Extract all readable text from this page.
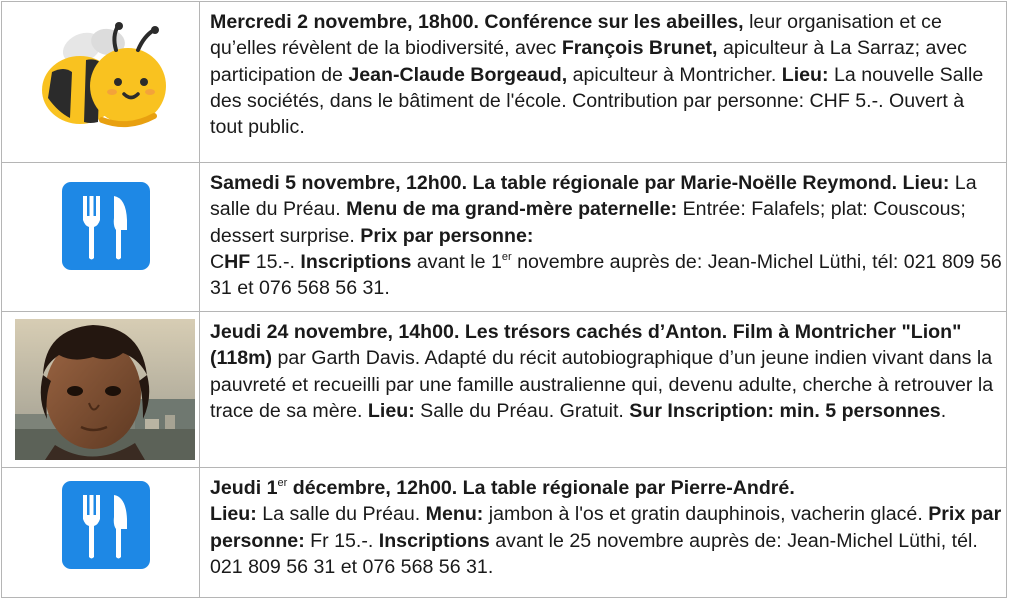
	Mercredi 2 novembre, 18h00. Conférence sur les abeilles, leur organisation et ce qu’elles révèlent de la biodiversité, avec François Brunet, apiculteur à La Sarraz; avec participation de Jean-Claude Borgeaud, apiculteur à Montricher. Lieu: La nouvelle Salle des sociétés, dans le bâtiment de l'école. Contribution par personne: CHF 5.-. Ouvert à tout public.

	Samedi 5 novembre, 12h00. La table régionale par Marie-Noëlle Reymond. Lieu: La salle du Préau. Menu de ma grand-mère paternelle: Entrée: Falafels; plat: Couscous; dessert surprise. Prix par personne:
CHF 15.-. Inscriptions avant le 1er novembre auprès de: Jean-Michel Lüthi, tél: 021 809 56 31 et 076 568 56 31.

	Jeudi 24 novembre, 14h00. Les trésors cachés d’Anton. Film à Montricher "Lion" (118m) par Garth Davis. Adapté du récit autobiographique d’un jeune indien vivant dans la pauvreté et recueilli par une famille australienne qui, devenu adulte, cherche à retrouver la trace de sa mère. Lieu: Salle du Préau. Gratuit. Sur Inscription: min. 5 personnes.

	Jeudi 1er décembre, 12h00. La table régionale par Pierre-André.
Lieu: La salle du Préau. Menu: jambon à l'os et gratin dauphinois, vacherin glacé. Prix par personne: Fr 15.-. Inscriptions avant le 25 novembre auprès de: Jean-Michel Lüthi, tél. 021 809 56 31 et 076 568 56 31.
